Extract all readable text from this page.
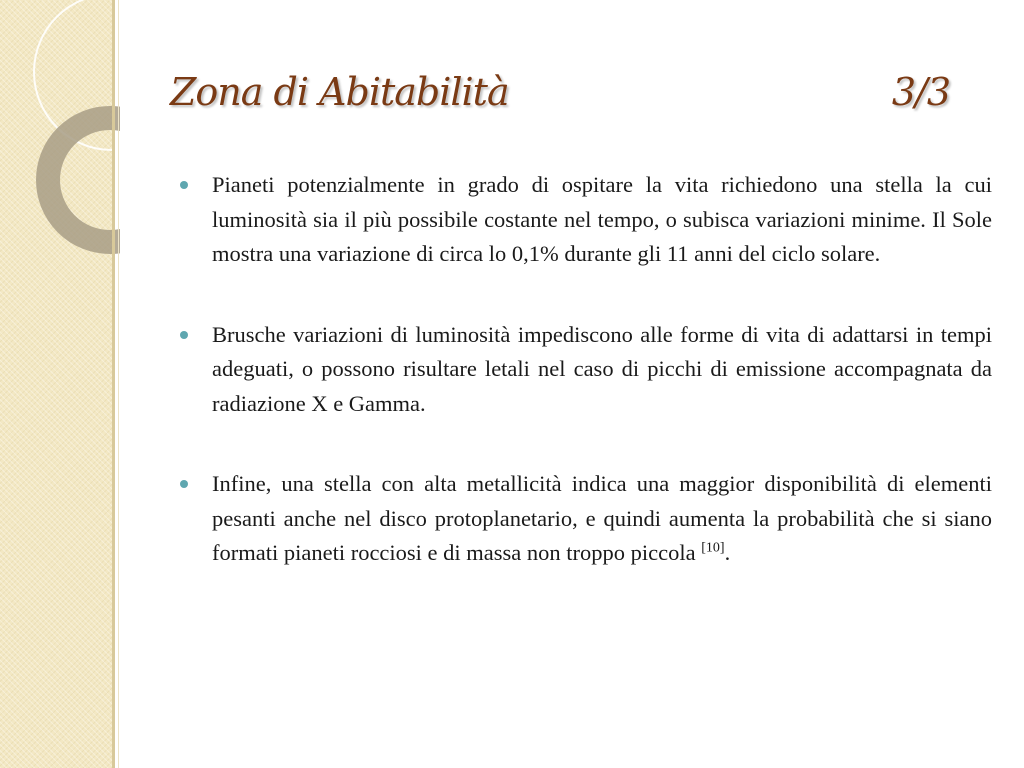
Zona di Abitabilità	3/3
Pianeti potenzialmente in grado di ospitare la vita richiedono una stella la cui luminosità sia il più possibile costante nel tempo, o subisca variazioni minime. Il Sole mostra una variazione di circa lo 0,1% durante gli 11 anni del ciclo solare.
Brusche variazioni di luminosità impediscono alle forme di vita di adattarsi in tempi adeguati, o possono risultare letali nel caso di picchi di emissione accompagnata da radiazione X e Gamma.
Infine, una stella con alta metallicità indica una maggior disponibilità di elementi pesanti anche nel disco protoplanetario, e quindi aumenta la probabilità che si siano formati pianeti rocciosi e di massa non troppo piccola [10].
